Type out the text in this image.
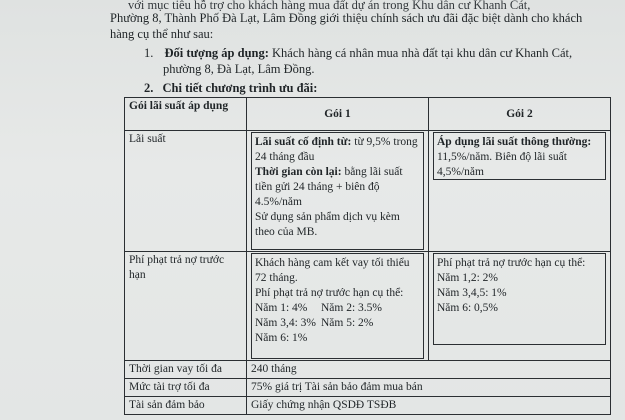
với mục tiêu hỗ trợ cho khách hàng mua đất dự án trong Khu dân cư Khanh Cát,
Phường 8, Thành Phố Đà Lạt, Lâm Đồng giới thiệu chính sách ưu đãi đặc biệt dành cho khách
hàng cụ thể như sau:
1. Đối tượng áp dụng: Khách hàng cá nhân mua nhà đất tại khu dân cư Khanh Cát,
phường 8, Đà Lạt, Lâm Đồng.
2. Chi tiết chương trình ưu đãi:
Gói lãi suất áp dụng	Gói 1	Gói 2
Lãi suất	Lãi suất cố định từ: từ 9,5% trong 24 tháng đầu
Thời gian còn lại: bằng lãi suất tiền gửi 24 tháng + biên độ 4.5%/năm
Sử dụng sản phẩm dịch vụ kèm theo của MB.	Áp dụng lãi suất thông thường: 11,5%/năm. Biên độ lãi suất 4,5%/năm

Phí phạt trả nợ trước hạn	Khách hàng cam kết vay tối thiểu 72 tháng.
Phí phạt trả nợ trước hạn cụ thể:
Năm 1: 4% Năm 2: 3.5%
Năm 3,4: 3% Năm 5: 2%
Năm 6: 1%	Phí phạt trả nợ trước hạn cụ thể:
Năm 1,2: 2%
Năm 3,4,5: 1%
Năm 6: 0,5%

Thời gian vay tối đa	240 tháng	
Mức tài trợ tối đa	75% giá trị Tài sản bảo đảm mua bán	
Tài sản đảm bảo	Giấy chứng nhận QSDĐ TSĐB	
